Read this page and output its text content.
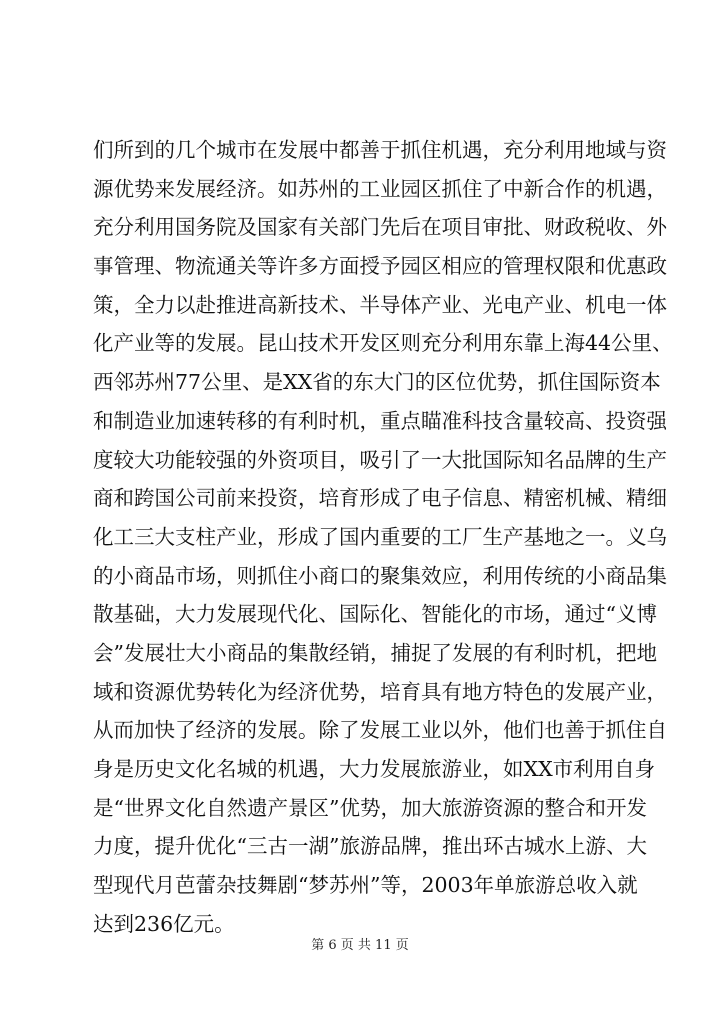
们所到的几个城市在发展中都善于抓住机遇，充分利用地域与资
源优势来发展经济。如苏州的工业园区抓住了中新合作的机遇，
充分利用国务院及国家有关部门先后在项目审批、财政税收、外
事管理、物流通关等许多方面授予园区相应的管理权限和优惠政
策，全力以赴推进高新技术、半导体产业、光电产业、机电一体
化产业等的发展。昆山技术开发区则充分利用东靠上海44公里、
西邻苏州77公里、是XX省的东大门的区位优势，抓住国际资本
和制造业加速转移的有利时机，重点瞄准科技含量较高、投资强
度较大功能较强的外资项目，吸引了一大批国际知名品牌的生产
商和跨国公司前来投资，培育形成了电子信息、精密机械、精细
化工三大支柱产业，形成了国内重要的工厂生产基地之一。义乌
的小商品市场，则抓住小商口的聚集效应，利用传统的小商品集
散基础，大力发展现代化、国际化、智能化的市场，通过“义博
会”发展壮大小商品的集散经销，捕捉了发展的有利时机，把地
域和资源优势转化为经济优势，培育具有地方特色的发展产业，
从而加快了经济的发展。除了发展工业以外，他们也善于抓住自
身是历史文化名城的机遇，大力发展旅游业，如XX市利用自身
是“世界文化自然遗产景区”优势，加大旅游资源的整合和开发
力度，提升优化“三古一湖”旅游品牌，推出环古城水上游、大
型现代月芭蕾杂技舞剧“梦苏州”等，2003年单旅游总收入就
达到236亿元。
第 6 页 共 11 页
